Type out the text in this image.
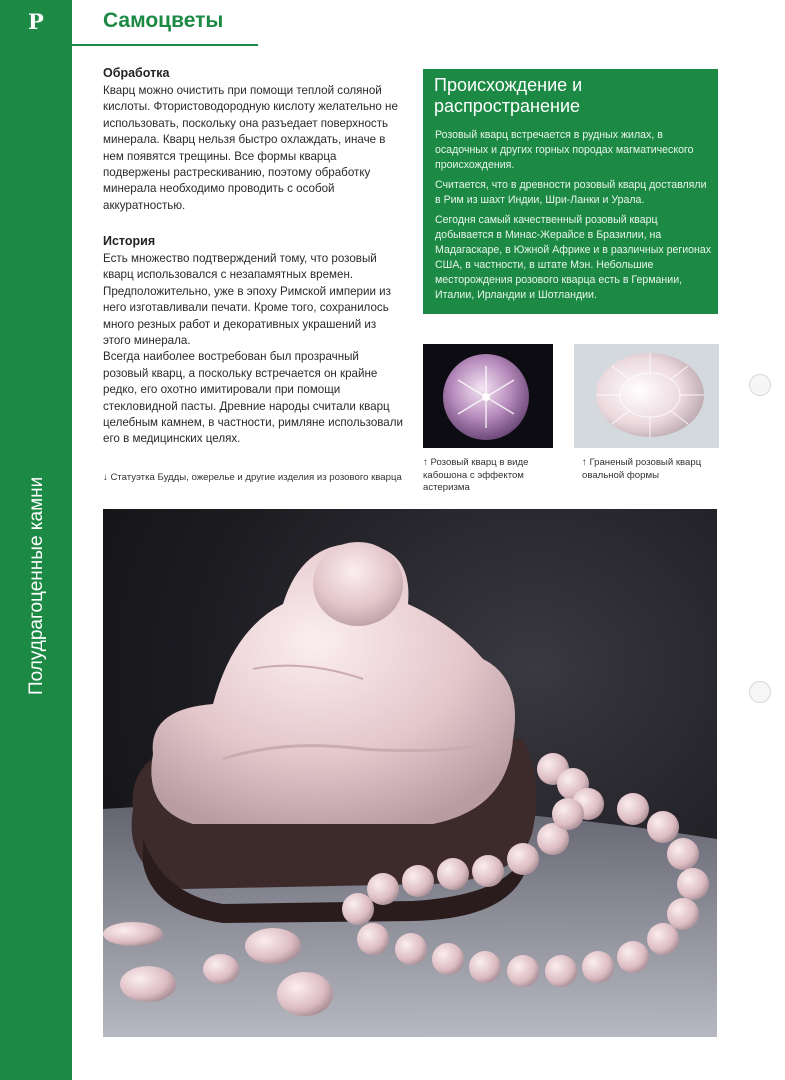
Р
Полудрагоценные камни
Самоцветы
Обработка

Кварц можно очистить при помощи теплой соляной кислоты. Фтористоводородную кислоту желательно не использовать, поскольку она разъедает поверхность минерала. Кварц нельзя быстро охлаждать, иначе в нем появятся трещины. Все формы кварца подвержены растрескиванию, поэтому обработку минерала необходимо проводить с особой аккуратностью.

История

Есть множество подтверждений тому, что розовый кварц использовался с незапамятных времен. Предположительно, уже в эпоху Римской империи из него изготавливали печати. Кроме того, сохранилось много резных работ и декоративных украшений из этого минерала.

Всегда наиболее востребован был прозрачный розовый кварц, а поскольку встречается он крайне редко, его охотно имитировали при помощи стекловидной пасты. Древние народы считали кварц целебным камнем, в частности, римляне использовали его в медицинских целях.

↓ Статуэтка Будды, ожерелье и другие изделия из розового кварца
Происхождение и распространение

Розовый кварц встречается в рудных жилах, в осадочных и других горных породах магматического происхождения.

Считается, что в древности розовый кварц доставляли в Рим из шахт Индии, Шри-Ланки и Урала.

Сегодня самый качественный розовый кварц добывается в Минас-Жерайсе в Бразилии, на Мадагаскаре, в Южной Африке и в различных регионах США, в частности, в штате Мэн. Небольшие месторождения розового кварца есть в Германии, Италии, Ирландии и Шотландии.

↑ Розовый кварц в виде кабошона с эффектом астеризма
↑ Граненый розовый кварц овальной формы
